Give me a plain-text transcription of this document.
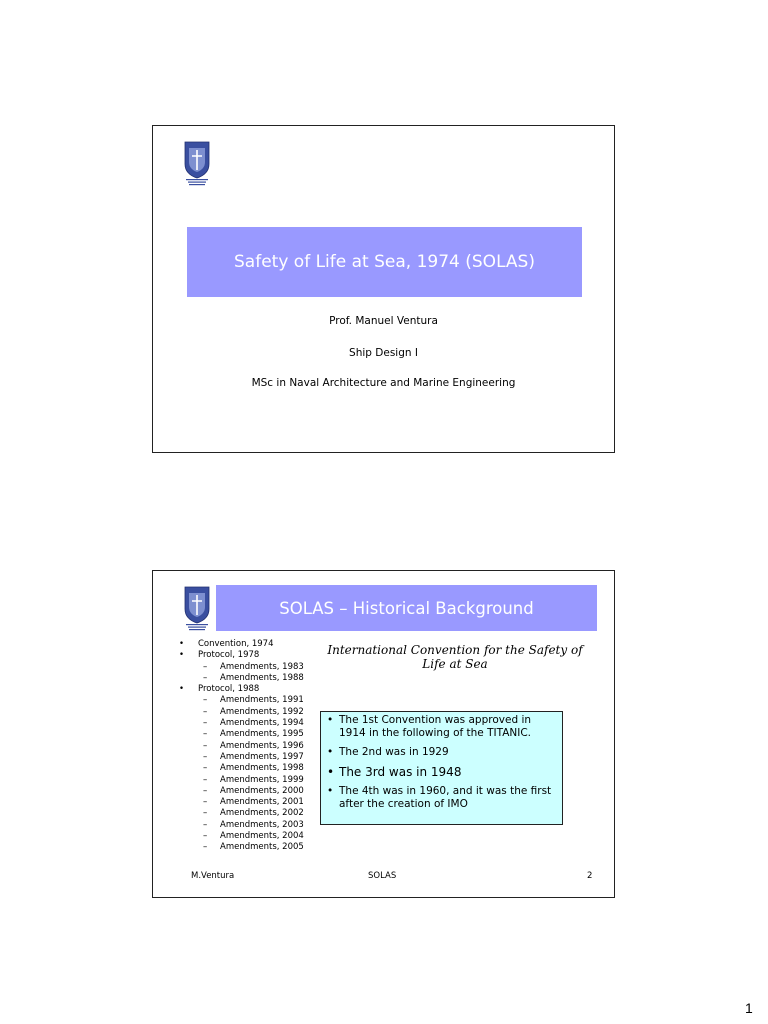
Safety of Life at Sea, 1974 (SOLAS)
Prof. Manuel Ventura
Ship Design I
MSc in Naval Architecture and Marine Engineering
SOLAS – Historical Background
• Convention, 1974
• Protocol, 1978
– Amendments, 1983
– Amendments, 1988
• Protocol, 1988
– Amendments, 1991
– Amendments, 1992
– Amendments, 1994
– Amendments, 1995
– Amendments, 1996
– Amendments, 1997
– Amendments, 1998
– Amendments, 1999
– Amendments, 2000
– Amendments, 2001
– Amendments, 2002
– Amendments, 2003
– Amendments, 2004
– Amendments, 2005
International Convention for the Safety of Life at Sea
• The 1st Convention was approved in 1914 in the following of the TITANIC.
• The 2nd was in 1929
• The 3rd was in 1948
• The 4th was in 1960, and it was the first after the creation of IMO
M.Ventura	SOLAS	2
1
